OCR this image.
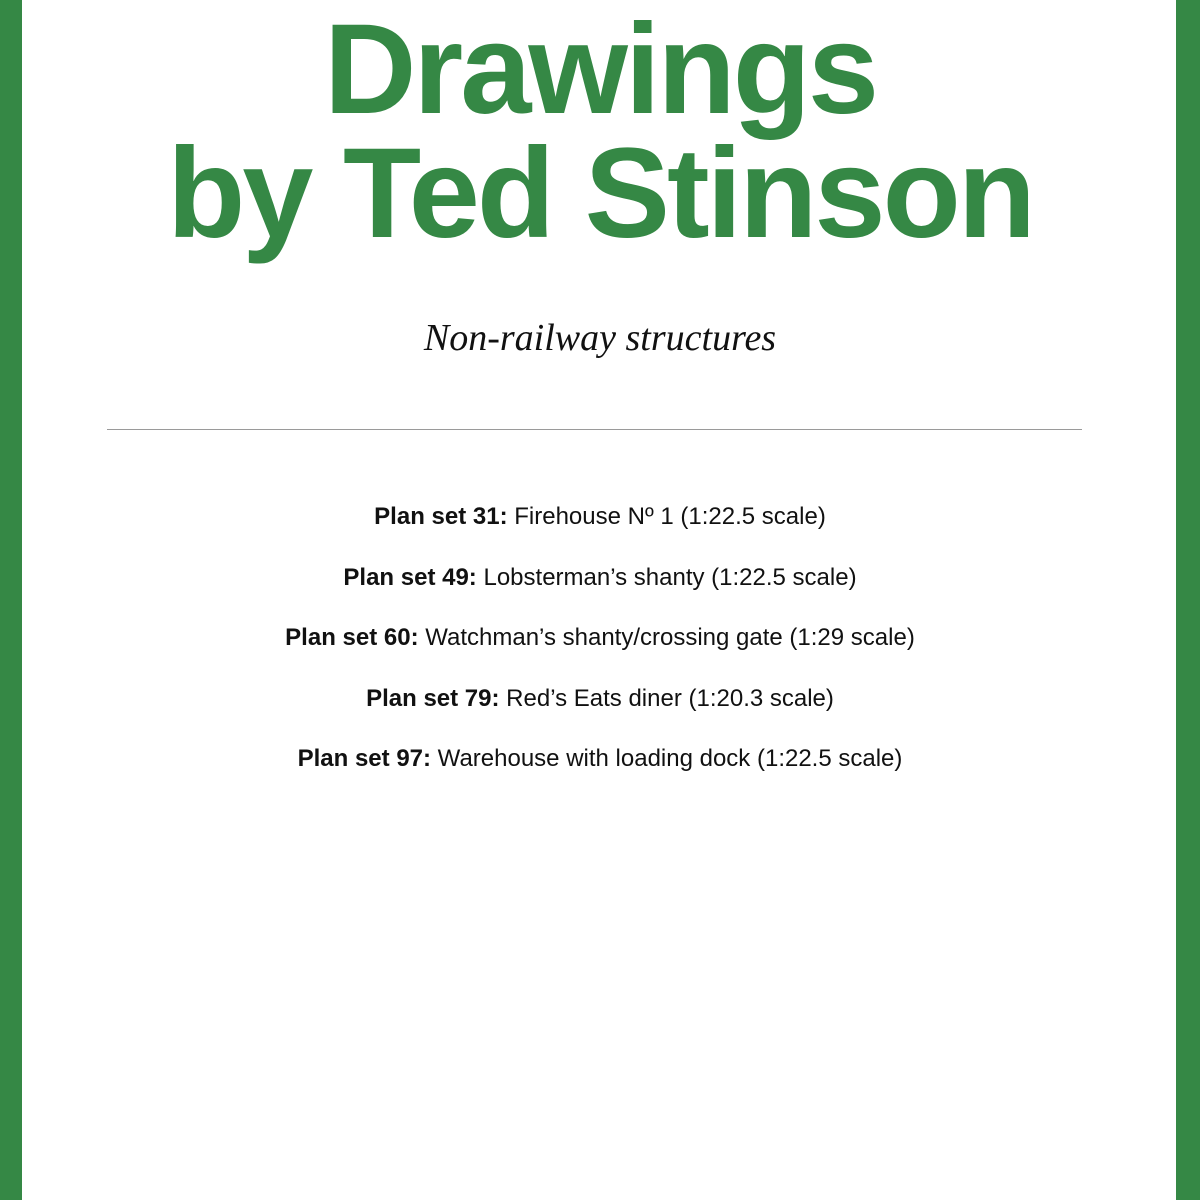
Drawings
by Ted Stinson
Non-railway structures
Plan set 31: Firehouse Nº 1 (1:22.5 scale)
Plan set 49: Lobsterman’s shanty (1:22.5 scale)
Plan set 60: Watchman’s shanty/crossing gate (1:29 scale)
Plan set 79: Red’s Eats diner (1:20.3 scale)
Plan set 97: Warehouse with loading dock (1:22.5 scale)
